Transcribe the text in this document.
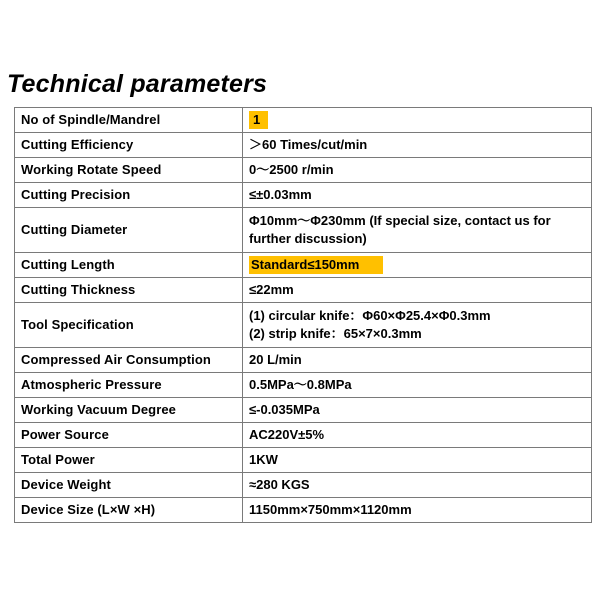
Technical parameters
No of Spindle/Mandrel	1
Cutting Efficiency	＞60 Times/cut/min
Working Rotate Speed	0～2500 r/min
Cutting Precision	≤±0.03mm
Cutting Diameter	Φ10mm～Φ230mm (If special size, contact us for further discussion)
Cutting Length	Standard≤150mm
Cutting Thickness	≤22mm
Tool Specification	(1) circular knife：Φ60×Φ25.4×Φ0.3mm
(2) strip knife：65×7×0.3mm

Compressed Air Consumption	20 L/min
Atmospheric Pressure	0.5MPa～0.8MPa
Working Vacuum Degree	≤-0.035MPa
Power Source	AC220V±5%
Total Power	1KW
Device Weight	≈280 KGS
Device Size (L×W ×H)	1150mm×750mm×1120mm
